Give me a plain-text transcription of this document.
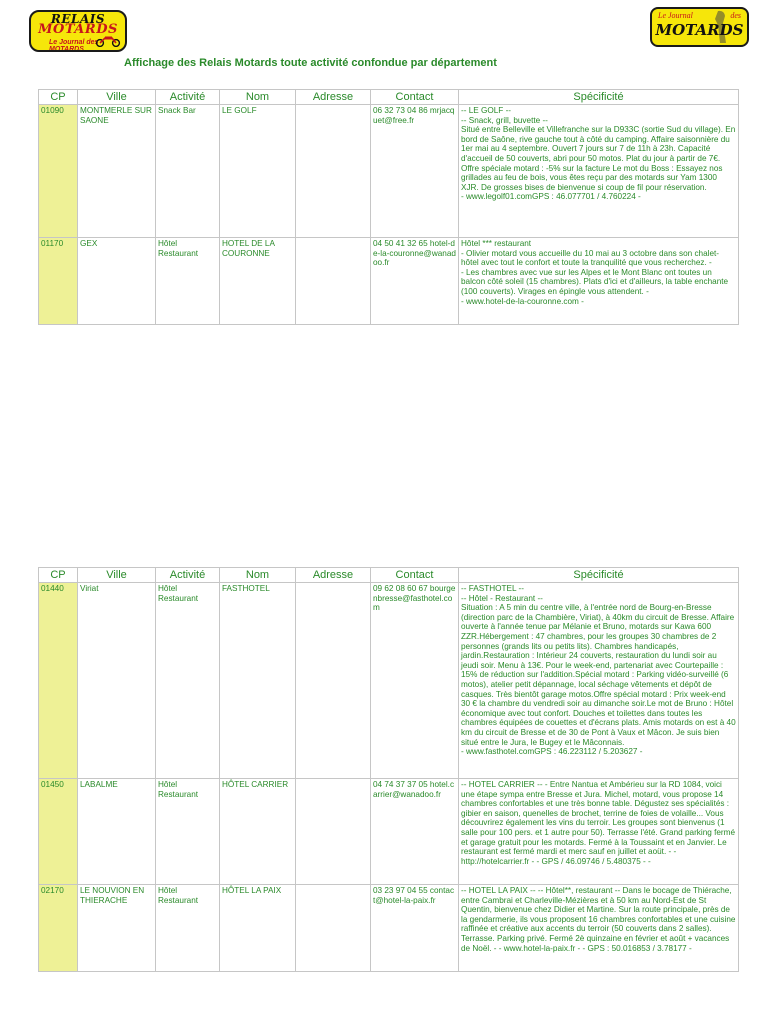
RELAIS
MOTARDS
Le Journal des MOTARDS
Le Journal	des
MOTARDS
Affichage des Relais Motards toute activité confondue par département
CP	Ville	Activité	Nom	Adresse	Contact	Spécificité
01090	MONTMERLE SUR SAONE	Snack Bar	LE GOLF		06 32 73 04 86 mrjacquet@free.fr	-- LE GOLF --
-- Snack, grill, buvette --
Situé entre Belleville et Villefranche sur la D933C (sortie Sud du village). En bord de Saône, rive gauche tout à côté du camping. Affaire saisonnière du 1er mai au 4 septembre. Ouvert 7 jours sur 7 de 11h à 23h. Capacité d'accueil de 50 couverts, abri pour 50 motos. Plat du jour à partir de 7€. Offre spéciale motard : -5% sur la facture Le mot du Boss : Essayez nos grillades au feu de bois, vous êtes reçu par des motards sur Yam 1300 XJR. De grosses bises de bienvenue si coup de fil pour réservation.
- www.legolf01.comGPS : 46.077701 / 4.760224 -
01170	GEX	Hôtel Restaurant	HOTEL DE LA COURONNE		04 50 41 32 65 hotel-de-la-couronne@wanadoo.fr	Hôtel *** restaurant
- Olivier motard vous accueille du 10 mai au 3 octobre dans son chalet-hôtel avec tout le confort et toute la tranquilité que vous recherchez. -
- Les chambres avec vue sur les Alpes et le Mont Blanc ont toutes un balcon côté soleil (15 chambres). Plats d'ici et d'ailleurs, la table enchante (100 couverts). Virages en épingle vous attendent. -
- www.hotel-de-la-couronne.com -
CP	Ville	Activité	Nom	Adresse	Contact	Spécificité
01440	Viriat	Hôtel Restaurant	FASTHOTEL		09 62 08 60 67 bourgenbresse@fasthotel.com	-- FASTHOTEL --
-- Hôtel - Restaurant --
Situation : A 5 min du centre ville, à l'entrée nord de Bourg-en-Bresse (direction parc de la Chambière, Viriat), à 40km du circuit de Bresse. Affaire ouverte à l'année tenue par Mélanie et Bruno, motards sur Kawa 600 ZZR.Hébergement : 47 chambres, pour les groupes 30 chambres de 2 personnes (grands lits ou petits lits). Chambres handicapés, jardin.Restauration : Intérieur 24 couverts, restauration du lundi soir au jeudi soir. Menu à 13€. Pour le week-end, partenariat avec Courtepaille : 15% de réduction sur l'addition.Spécial motard : Parking vidéo-surveillé (6 motos), atelier petit dépannage, local séchage vêtements et dépôt de casques. Très bientôt garage motos.Offre spécial motard : Prix week-end 30 € la chambre du vendredi soir au dimanche soir.Le mot de Bruno : Hôtel économique avec tout confort. Douches et toilettes dans toutes les chambres équipées de couettes et d'écrans plats. Amis motards on est à 40 km du circuit de Bresse et de 30 de Pont à Vaux et Mâcon. Je suis bien situé entre le Jura, le Bugey et le Mâconnais.
- www.fasthotel.comGPS : 46.223112 / 5.203627 -
01450	LABALME	Hôtel Restaurant	HÔTEL CARRIER		04 74 37 37 05 hotel.carrier@wanadoo.fr	-- HOTEL CARRIER -- - Entre Nantua et Ambérieu sur la RD 1084, voici une étape sympa entre Bresse et Jura. Michel, motard, vous propose 14 chambres confortables et une très bonne table. Dégustez ses spécialités : gibier en saison, quenelles de brochet, terrine de foies de volaille... Vous découvrirez également les vins du terroir. Les groupes sont bienvenus (1 salle pour 100 pers. et 1 autre pour 50). Terrasse l'été. Grand parking fermé et garage gratuit pour les motards. Fermé à la Toussaint et en Janvier. Le restaurant est fermé mardi et merc sauf en juillet et aoüt. - - http://hotelcarrier.fr - - GPS / 46.09746 / 5.480375 - -
02170	LE NOUVION EN THIERACHE	Hôtel Restaurant	HÔTEL LA PAIX		03 23 97 04 55 contact@hotel-la-paix.fr	-- HOTEL LA PAIX -- -- Hôtel**, restaurant -- Dans le bocage de Thiérache, entre Cambrai et Charleville-Mézières et à 50 km au Nord-Est de St Quentin, bienvenue chez Didier et Martine. Sur la route principale, près de la gendarmerie, ils vous proposent 16 chambres confortables et une cuisine raffinée et créative aux accents du terroir (50 couverts dans 2 salles). Terrasse. Parking privé. Fermé 2è quinzaine en février et août + vacances de Noël. - - www.hotel-la-paix.fr - - GPS : 50.016853 / 3.78177 -
